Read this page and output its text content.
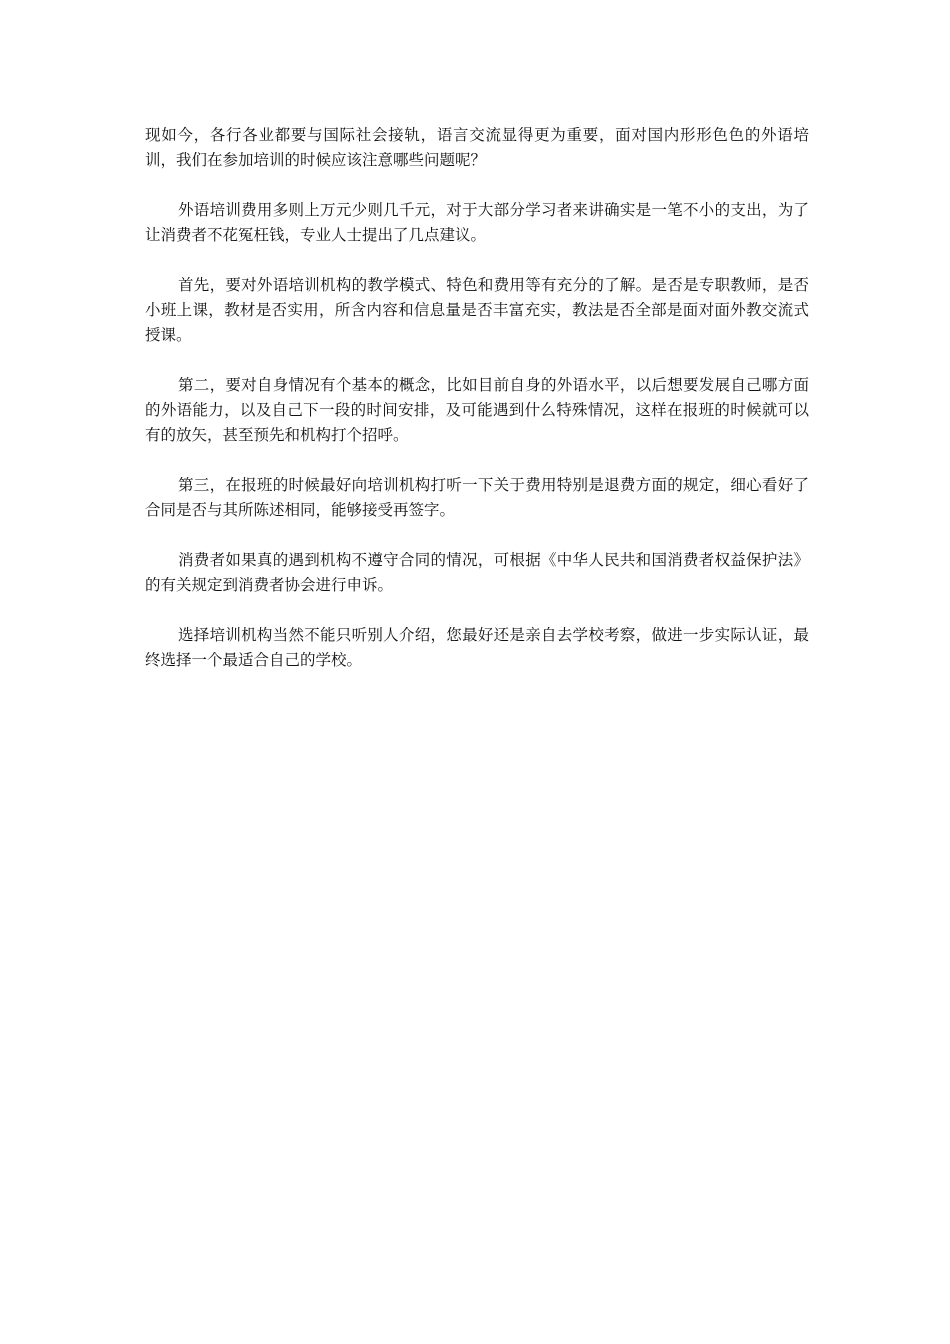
现如今，各行各业都要与国际社会接轨，语言交流显得更为重要，面对国内形形色色的外语培训，我们在参加培训的时候应该注意哪些问题呢？

外语培训费用多则上万元少则几千元，对于大部分学习者来讲确实是一笔不小的支出，为了让消费者不花冤枉钱，专业人士提出了几点建议。

首先，要对外语培训机构的教学模式、特色和费用等有充分的了解。是否是专职教师，是否小班上课，教材是否实用，所含内容和信息量是否丰富充实，教法是否全部是面对面外教交流式授课。

第二，要对自身情况有个基本的概念，比如目前自身的外语水平，以后想要发展自己哪方面的外语能力，以及自己下一段的时间安排，及可能遇到什么特殊情况，这样在报班的时候就可以有的放矢，甚至预先和机构打个招呼。

第三，在报班的时候最好向培训机构打听一下关于费用特别是退费方面的规定，细心看好了合同是否与其所陈述相同，能够接受再签字。

消费者如果真的遇到机构不遵守合同的情况，可根据《中华人民共和国消费者权益保护法》的有关规定到消费者协会进行申诉。

选择培训机构当然不能只听别人介绍，您最好还是亲自去学校考察，做进一步实际认证，最终选择一个最适合自己的学校。
